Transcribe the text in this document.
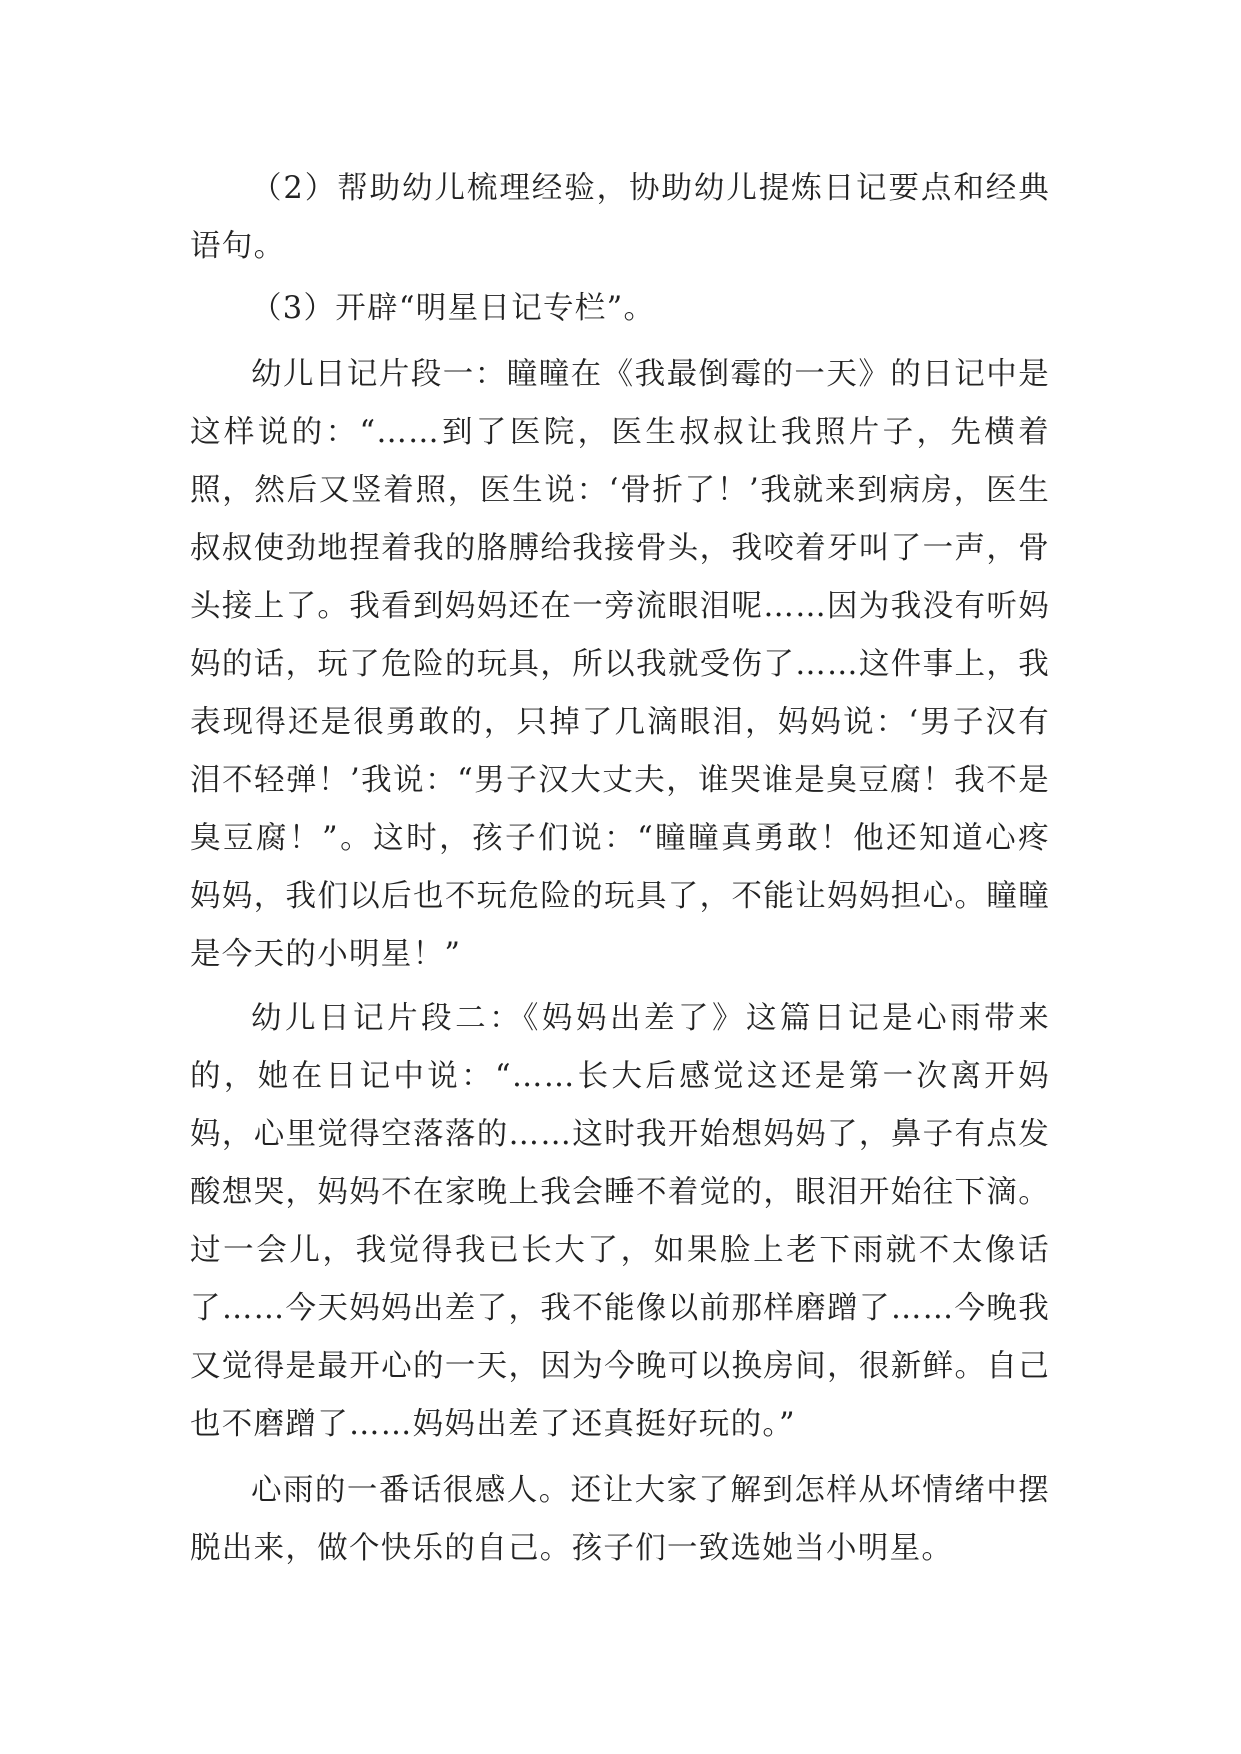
（2）帮助幼儿梳理经验，协助幼儿提炼日记要点和经典语句。

（3）开辟“明星日记专栏”。

幼儿日记片段一：瞳瞳在《我最倒霉的一天》的日记中是这样说的：“……到了医院，医生叔叔让我照片子，先横着照，然后又竖着照，医生说：‘骨折了！’我就来到病房，医生叔叔使劲地捏着我的胳膊给我接骨头，我咬着牙叫了一声，骨头接上了。我看到妈妈还在一旁流眼泪呢……因为我没有听妈妈的话，玩了危险的玩具，所以我就受伤了……这件事上，我表现得还是很勇敢的，只掉了几滴眼泪，妈妈说：‘男子汉有泪不轻弹！’我说：“男子汉大丈夫，谁哭谁是臭豆腐！我不是臭豆腐！”。这时，孩子们说：“瞳瞳真勇敢！他还知道心疼妈妈，我们以后也不玩危险的玩具了，不能让妈妈担心。瞳瞳是今天的小明星！”

幼儿日记片段二：《妈妈出差了》这篇日记是心雨带来的，她在日记中说：“……长大后感觉这还是第一次离开妈妈，心里觉得空落落的……这时我开始想妈妈了，鼻子有点发酸想哭，妈妈不在家晚上我会睡不着觉的，眼泪开始往下滴。过一会儿，我觉得我已长大了，如果脸上老下雨就不太像话了……今天妈妈出差了，我不能像以前那样磨蹭了……今晚我又觉得是最开心的一天，因为今晚可以换房间，很新鲜。自己也不磨蹭了……妈妈出差了还真挺好玩的。”

心雨的一番话很感人。还让大家了解到怎样从坏情绪中摆脱出来，做个快乐的自己。孩子们一致选她当小明星。
